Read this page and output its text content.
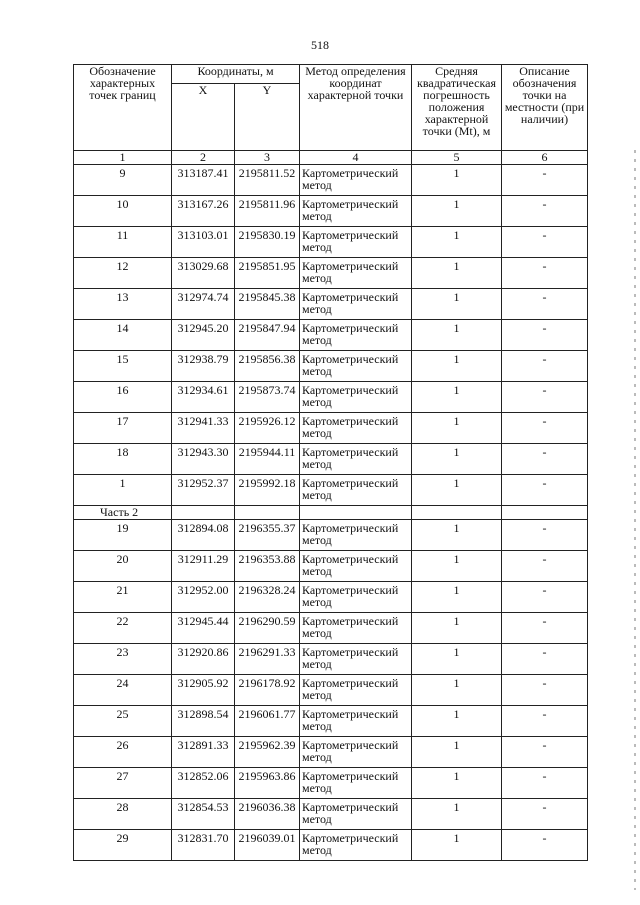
518
Обозначение характерных точек границ	Координаты, м		Метод определения координат характерной точки	Средняя квадратическая погрешность положения характерной точки (Mt), м	Описание обозначения точки на местности (при наличии)
	X	Y			
1	2	3	4	5	6
9	313187.41	2195811.52	Картометрический метод	1	-
10	313167.26	2195811.96	Картометрический метод	1	-
11	313103.01	2195830.19	Картометрический метод	1	-
12	313029.68	2195851.95	Картометрический метод	1	-
13	312974.74	2195845.38	Картометрический метод	1	-
14	312945.20	2195847.94	Картометрический метод	1	-
15	312938.79	2195856.38	Картометрический метод	1	-
16	312934.61	2195873.74	Картометрический метод	1	-
17	312941.33	2195926.12	Картометрический метод	1	-
18	312943.30	2195944.11	Картометрический метод	1	-
1	312952.37	2195992.18	Картометрический метод	1	-
Часть 2					
19	312894.08	2196355.37	Картометрический метод	1	-
20	312911.29	2196353.88	Картометрический метод	1	-
21	312952.00	2196328.24	Картометрический метод	1	-
22	312945.44	2196290.59	Картометрический метод	1	-
23	312920.86	2196291.33	Картометрический метод	1	-
24	312905.92	2196178.92	Картометрический метод	1	-
25	312898.54	2196061.77	Картометрический метод	1	-
26	312891.33	2195962.39	Картометрический метод	1	-
27	312852.06	2195963.86	Картометрический метод	1	-
28	312854.53	2196036.38	Картометрический метод	1	-
29	312831.70	2196039.01	Картометрический метод	1	-
